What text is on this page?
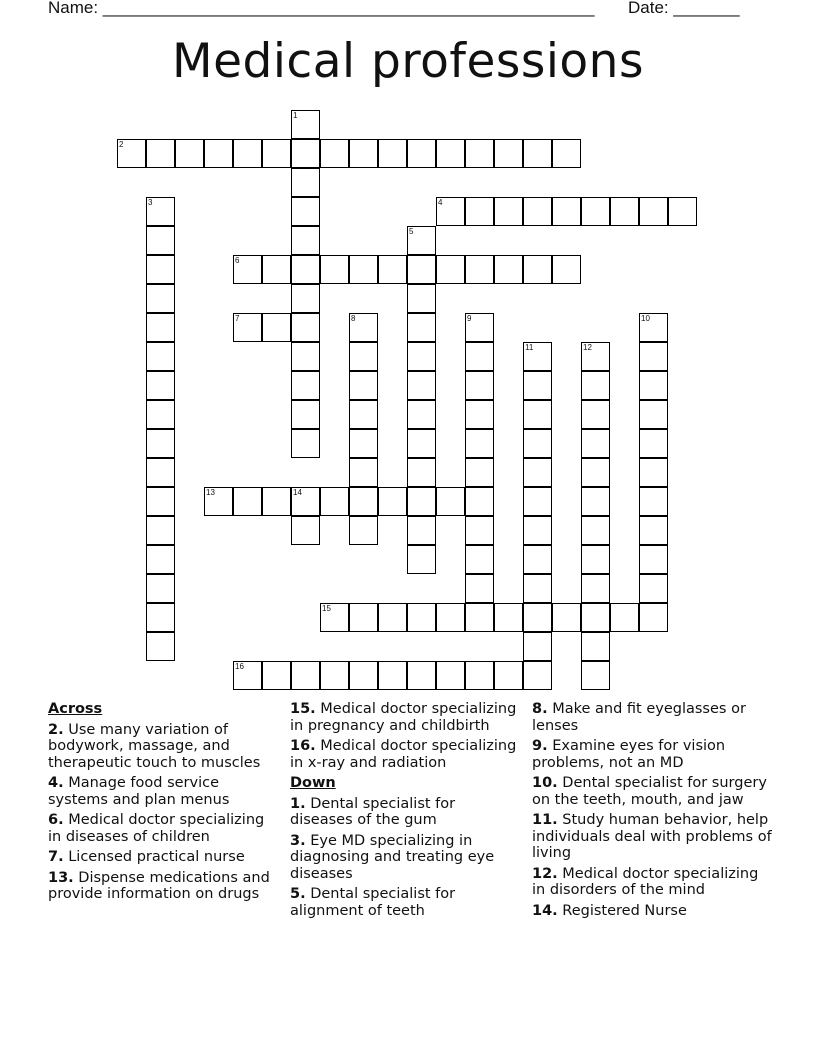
Name: ____________________________________________________ Date: _______
Medical professions
1
2
3	4
5
6
7	8	9	10
11	12
13	14
15
16
Across
2. Use many variation of bodywork, massage, and therapeutic touch to muscles
4. Manage food service systems and plan menus
6. Medical doctor specializing in diseases of children
7. Licensed practical nurse
13. Dispense medications and provide information on drugs
15. Medical doctor specializing in pregnancy and childbirth
16. Medical doctor specializing in x-ray and radiation
Down
1. Dental specialist for diseases of the gum
3. Eye MD specializing in diagnosing and treating eye diseases
5. Dental specialist for alignment of teeth
8. Make and fit eyeglasses or lenses
9. Examine eyes for vision problems, not an MD
10. Dental specialist for surgery on the teeth, mouth, and jaw
11. Study human behavior, help individuals deal with problems of living
12. Medical doctor specializing in disorders of the mind
14. Registered Nurse
